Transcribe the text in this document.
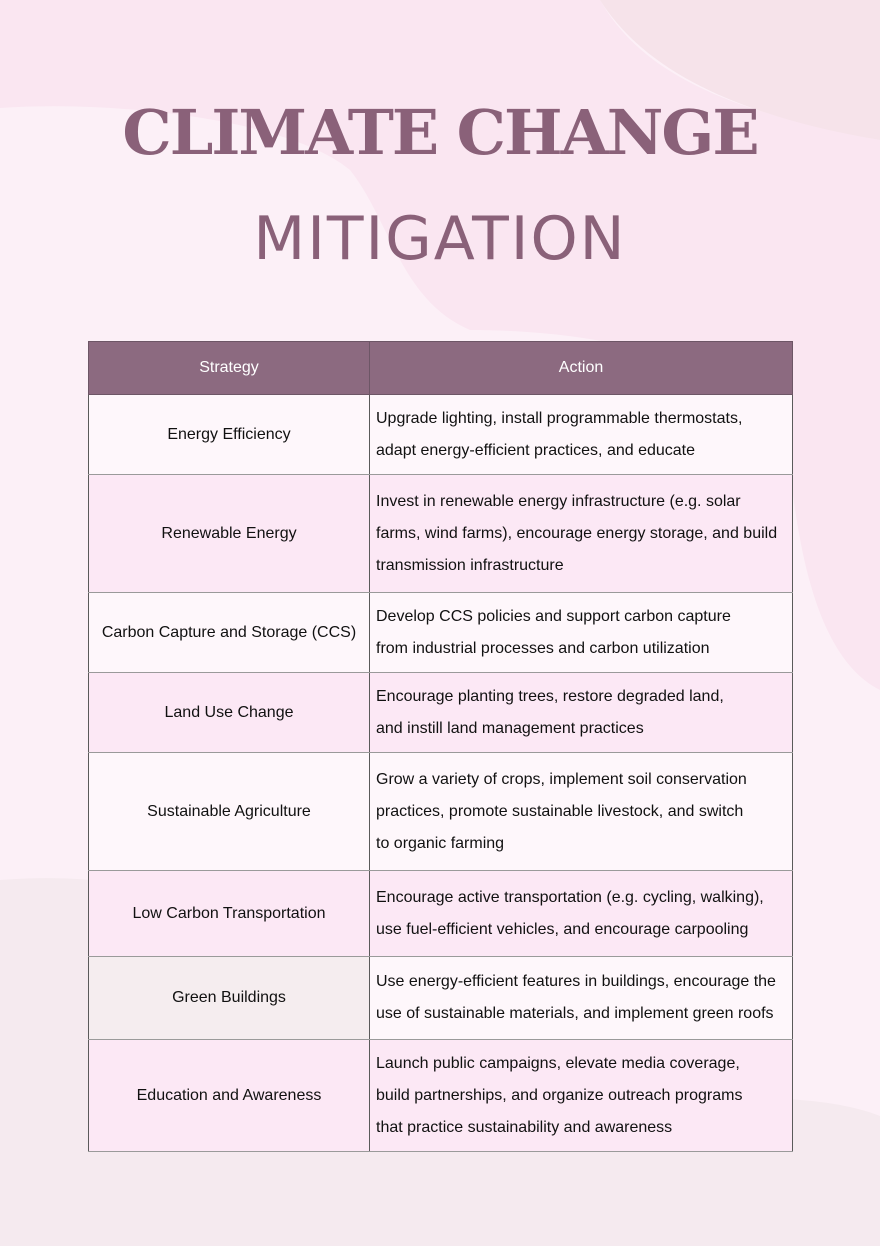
CLIMATE CHANGE
MITIGATION
Strategy	Action
Energy Efficiency	Upgrade lighting, install programmable thermostats,
adapt energy-efficient practices, and educate

Renewable Energy	Invest in renewable energy infrastructure (e.g. solar
farms, wind farms), encourage energy storage, and build
transmission infrastructure

Carbon Capture and Storage (CCS)	Develop CCS policies and support carbon capture
from industrial processes and carbon utilization

Land Use Change	Encourage planting trees, restore degraded land,
and instill land management practices

Sustainable Agriculture	Grow a variety of crops, implement soil conservation
practices, promote sustainable livestock, and switch
to organic farming

Low Carbon Transportation	Encourage active transportation (e.g. cycling, walking),
use fuel-efficient vehicles, and encourage carpooling

Green Buildings	Use energy-efficient features in buildings, encourage the
use of sustainable materials, and implement green roofs

Education and Awareness	Launch public campaigns, elevate media coverage,
build partnerships, and organize outreach programs
that practice sustainability and awareness
